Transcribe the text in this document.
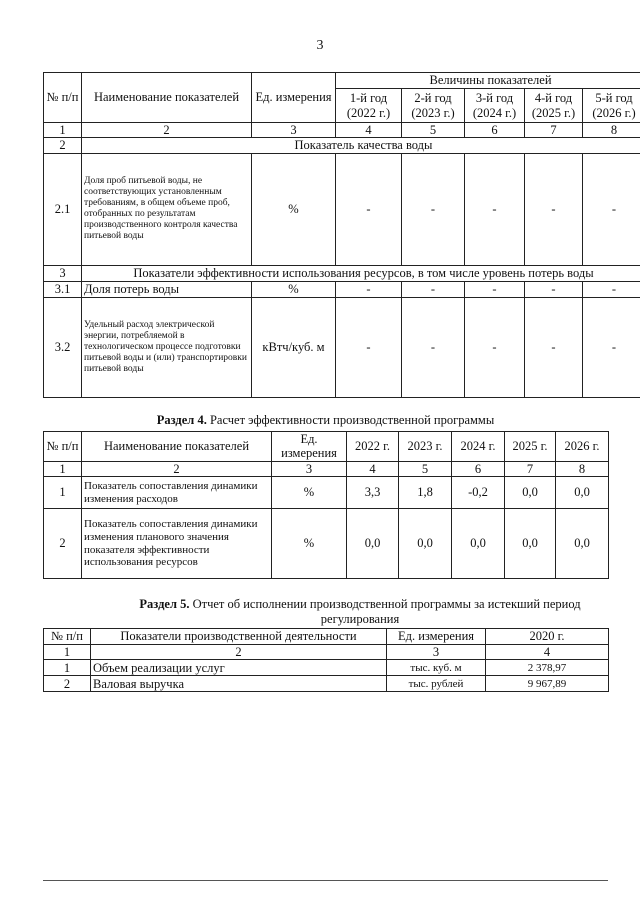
3
№ п/п	Наименование показателей	Ед. измерения	Величины показателей				
			1-й год (2022 г.)	2-й год (2023 г.)	3-й год (2024 г.)	4-й год (2025 г.)	5-й год (2026 г.)
1	2	3	4	5	6	7	8
2	Показатель качества воды						
2.1	Доля проб питьевой воды, не соответствующих установленным требованиям, в общем объеме проб, отобранных по результатам производственного контроля качества питьевой воды	%	-	-	-	-	-
3	Показатели эффективности использования ресурсов, в том числе уровень потерь воды						
3.1	Доля потерь воды	%	-	-	-	-	-
3.2	Удельный расход электрической энергии, потребляемой в технологическом процессе подготовки питьевой воды и (или) транспортировки питьевой воды	кВтч/куб. м	-	-	-	-	-
Раздел 4. Расчет эффективности производственной программы
№ п/п	Наименование показателей	Ед. измерения	2022 г.	2023 г.	2024 г.	2025 г.	2026 г.
1	2	3	4	5	6	7	8
1	Показатель сопоставления динамики изменения расходов	%	3,3	1,8	-0,2	0,0	0,0
2	Показатель сопоставления динамики изменения планового значения показателя эффективности использования ресурсов	%	0,0	0,0	0,0	0,0	0,0
Раздел 5. Отчет об исполнении производственной программы за истекший период регулирования
№ п/п	Показатели производственной деятельности	Ед. измерения	2020 г.
1	2	3	4
1	Объем реализации услуг	тыс. куб. м	2 378,97
2	Валовая выручка	тыс. рублей	9 967,89
